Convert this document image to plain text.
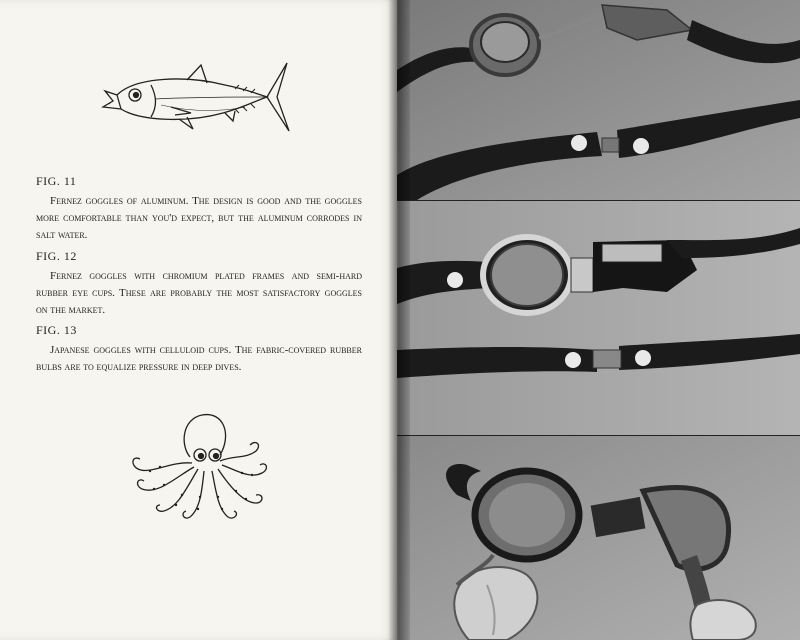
FIG. 11

Fernez goggles of aluminum. The design is good and the goggles more comfortable than you'd expect, but the aluminum corrodes in salt water.

FIG. 12

Fernez goggles with chromium plated frames and semi-hard rubber eye cups. These are probably the most satisfactory goggles on the market.

FIG. 13

Japanese goggles with celluloid cups. The fabric-covered rubber bulbs are to equalize pressure in deep dives.
